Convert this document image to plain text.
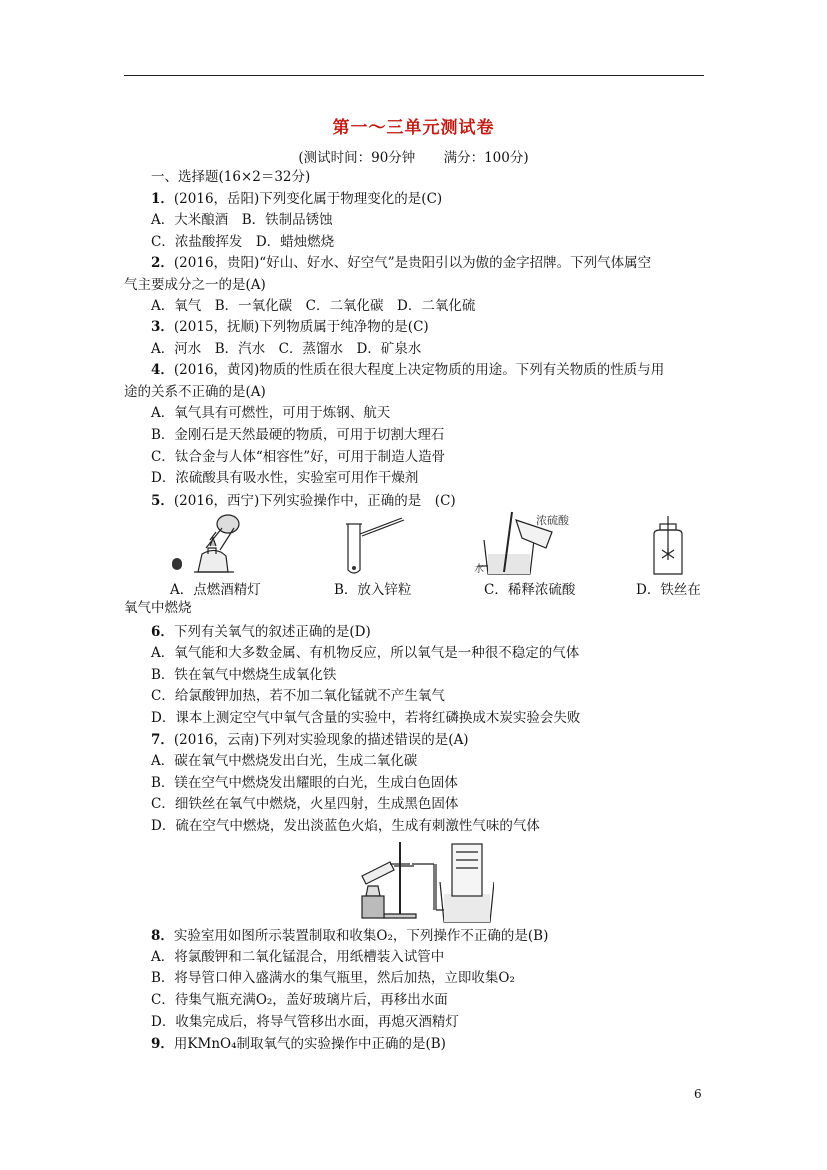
第一～三单元测试卷
(测试时间：90分钟 满分：100分)
一、选择题(16×2＝32分)
1．(2016，岳阳)下列变化属于物理变化的是(C)
A．大米酿酒　B．铁制品锈蚀
C．浓盐酸挥发　D．蜡烛燃烧
2．(2016，贵阳)“好山、好水、好空气”是贵阳引以为傲的金字招牌。下列气体属空
气主要成分之一的是(A)
A．氧气　B．一氧化碳　C．二氧化碳　D．二氧化硫
3．(2015，抚顺)下列物质属于纯净物的是(C)
A．河水　B．汽水　C．蒸馏水　D．矿泉水
4．(2016，黄冈)物质的性质在很大程度上决定物质的用途。下列有关物质的性质与用
途的关系不正确的是(A)
A．氧气具有可燃性，可用于炼钢、航天
B．金刚石是天然最硬的物质，可用于切割大理石
C．钛合金与人体“相容性”好，可用于制造人造骨
D．浓硫酸具有吸水性，实验室可用作干燥剂
5．(2016，西宁)下列实验操作中，正确的是　(C)
A．点燃酒精灯	B．放入锌粒
浓硫酸
水
C．稀释浓硫酸	D．铁丝在
氧气中燃烧
6．下列有关氧气的叙述正确的是(D)
A．氧气能和大多数金属、有机物反应，所以氧气是一种很不稳定的气体
B．铁在氧气中燃烧生成氧化铁
C．给氯酸钾加热，若不加二氧化锰就不产生氧气
D．课本上测定空气中氧气含量的实验中，若将红磷换成木炭实验会失败
7．(2016，云南)下列对实验现象的描述错误的是(A)
A．碳在氧气中燃烧发出白光，生成二氧化碳
B．镁在空气中燃烧发出耀眼的白光，生成白色固体
C．细铁丝在氧气中燃烧，火星四射，生成黑色固体
D．硫在空气中燃烧，发出淡蓝色火焰，生成有刺激性气味的气体
8．实验室用如图所示装置制取和收集O₂，下列操作不正确的是(B)
A．将氯酸钾和二氧化锰混合，用纸槽装入试管中
B．将导管口伸入盛满水的集气瓶里，然后加热，立即收集O₂
C．待集气瓶充满O₂，盖好玻璃片后，再移出水面
D．收集完成后，将导气管移出水面，再熄灭酒精灯
9．用KMnO₄制取氧气的实验操作中正确的是(B)
6
